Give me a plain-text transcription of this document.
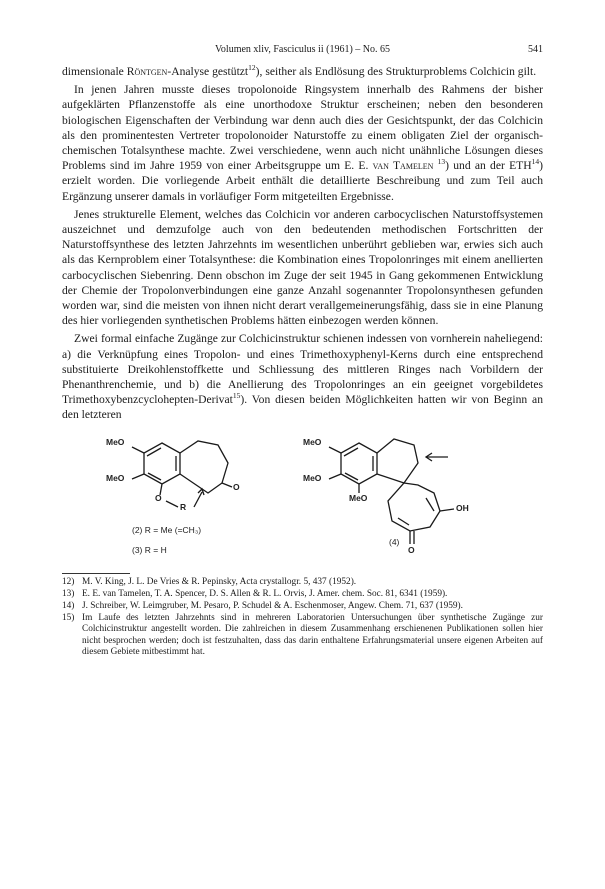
Volumen xliv, Fasciculus ii (1961) – No. 65	541

dimensionale Röntgen-Analyse gestützt$^{12}$), seither als Endlösung des Strukturproblems Colchicin gilt.

In jenen Jahren musste dieses tropolonoide Ringsystem innerhalb des Rahmens der bisher aufgeklärten Pflanzenstoffe als eine unorthodoxe Struktur erscheinen; neben den besonderen biologischen Eigenschaften der Verbindung war denn auch dies der Gesichtspunkt, der das Colchicin als den prominentesten Vertreter tropolonoider Naturstoffe zu einem obligaten Ziel der organisch-chemischen Totalsynthese machte. Zwei verschiedene, wenn auch nicht unähnliche Lösungen dieses Problems sind im Jahre 1959 von einer Arbeitsgruppe um E. E. van Tamelen $^{13}$) und an der ETH$^{14}$) erzielt worden. Die vorliegende Arbeit enthält die detaillierte Beschreibung und zum Teil auch Ergänzung unserer damals in vorläufiger Form mitgeteilten Ergebnisse.

Jenes strukturelle Element, welches das Colchicin vor anderen carbocyclischen Naturstoffsystemen auszeichnet und demzufolge auch von den bedeutenden methodischen Fortschritten der Naturstoffsynthese des letzten Jahrzehnts im wesentlichen unberührt geblieben war, erwies sich auch als das Kernproblem einer Totalsynthese: die Kombination eines Tropolonringes mit einem anellierten carbocyclischen Siebenring. Denn obschon im Zuge der seit 1945 in Gang gekommenen Entwicklung der Chemie der Tropolonverbindungen eine ganze Anzahl sogenannter Tropolonsynthesen gefunden worden war, sind die meisten von ihnen nicht derart verallgemeinerungsfähig, dass sie in eine Planung des hier vorliegenden synthetischen Problems hätten einbezogen werden können.

Zwei formal einfache Zugänge zur Colchicinstruktur schienen indessen von vornherein naheliegend: a) die Verknüpfung eines Tropolon- und eines Trimethoxyphenyl-Kerns durch eine entsprechend substituierte Dreikohlenstoffkette und Schliessung des mittleren Ringes nach Vorbildern der Phenanthrenchemie, und b) die Anellierung des Tropolonringes an ein geeignet vorgebildetes Trimethoxybenzcyclohepten-Derivat$^{15}$). Von diesen beiden Möglichkeiten hatten wir von Beginn an den letzteren

MeO
MeO
O
O
R
MeO
MeO
MeO
OH
O
(2) R = Me (=CH₃)
(3) R = H
(4)
12) M. V. King, J. L. De Vries & R. Pepinsky, Acta crystallogr. 5, 437 (1952).
13) E. E. van Tamelen, T. A. Spencer, D. S. Allen & R. L. Orvis, J. Amer. chem. Soc. 81, 6341 (1959).
14) J. Schreiber, W. Leimgruber, M. Pesaro, P. Schudel & A. Eschenmoser, Angew. Chem. 71, 637 (1959).
15) Im Laufe des letzten Jahrzehnts sind in mehreren Laboratorien Untersuchungen über synthetische Zugänge zur Colchicinstruktur angestellt worden. Die zahlreichen in diesem Zusammenhang erschienenen Publikationen sollen hier nicht besprochen werden; doch ist festzuhalten, dass das darin enthaltene Erfahrungsmaterial unsere eigenen Arbeiten auf diesem Gebiete mitbestimmt hat.
